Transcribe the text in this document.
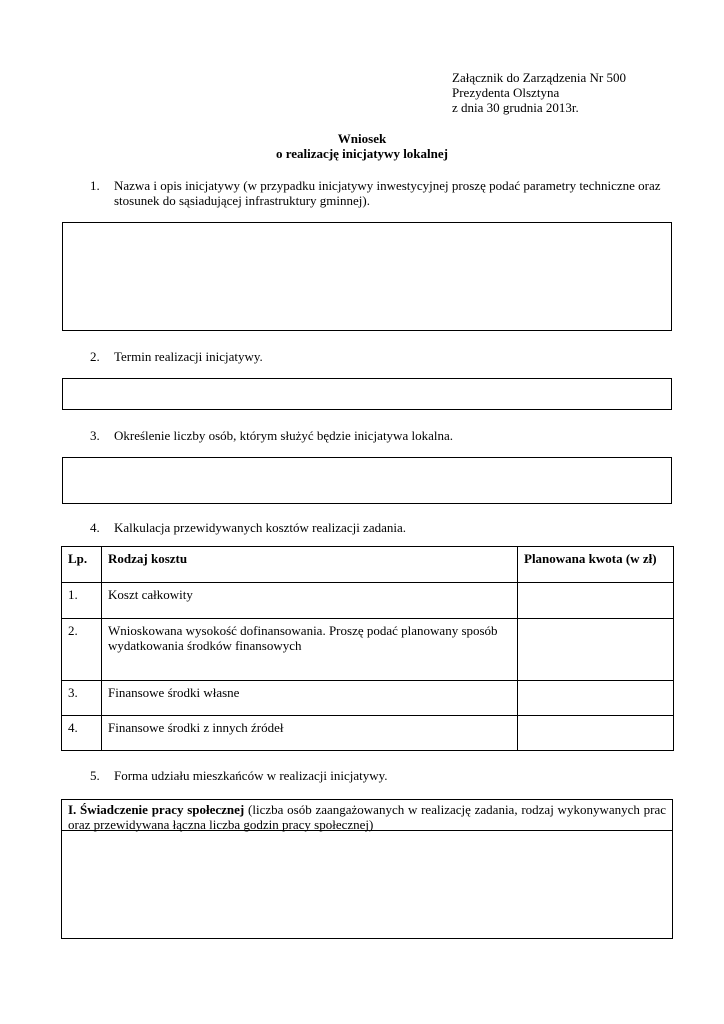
Załącznik do Zarządzenia Nr 500
Prezydenta Olsztyna
z dnia 30 grudnia 2013r.
Wniosek
o realizację inicjatywy lokalnej
1. Nazwa i opis inicjatywy (w przypadku inicjatywy inwestycyjnej proszę podać parametry techniczne oraz stosunek do sąsiadującej infrastruktury gminnej).
2. Termin realizacji inicjatywy.
3. Określenie liczby osób, którym służyć będzie inicjatywa lokalna.
4. Kalkulacja przewidywanych kosztów realizacji zadania.
Lp.	Rodzaj kosztu	Planowana kwota (w zł)
1.	Koszt całkowity	
2.	Wnioskowana wysokość dofinansowania. Proszę podać planowany sposób wydatkowania środków finansowych	
3.	Finansowe środki własne	
4.	Finansowe środki z innych źródeł	
5. Forma udziału mieszkańców w realizacji inicjatywy.
I. Świadczenie pracy społecznej (liczba osób zaangażowanych w realizację zadania, rodzaj wykonywanych prac oraz przewidywana łączna liczba godzin pracy społecznej)
